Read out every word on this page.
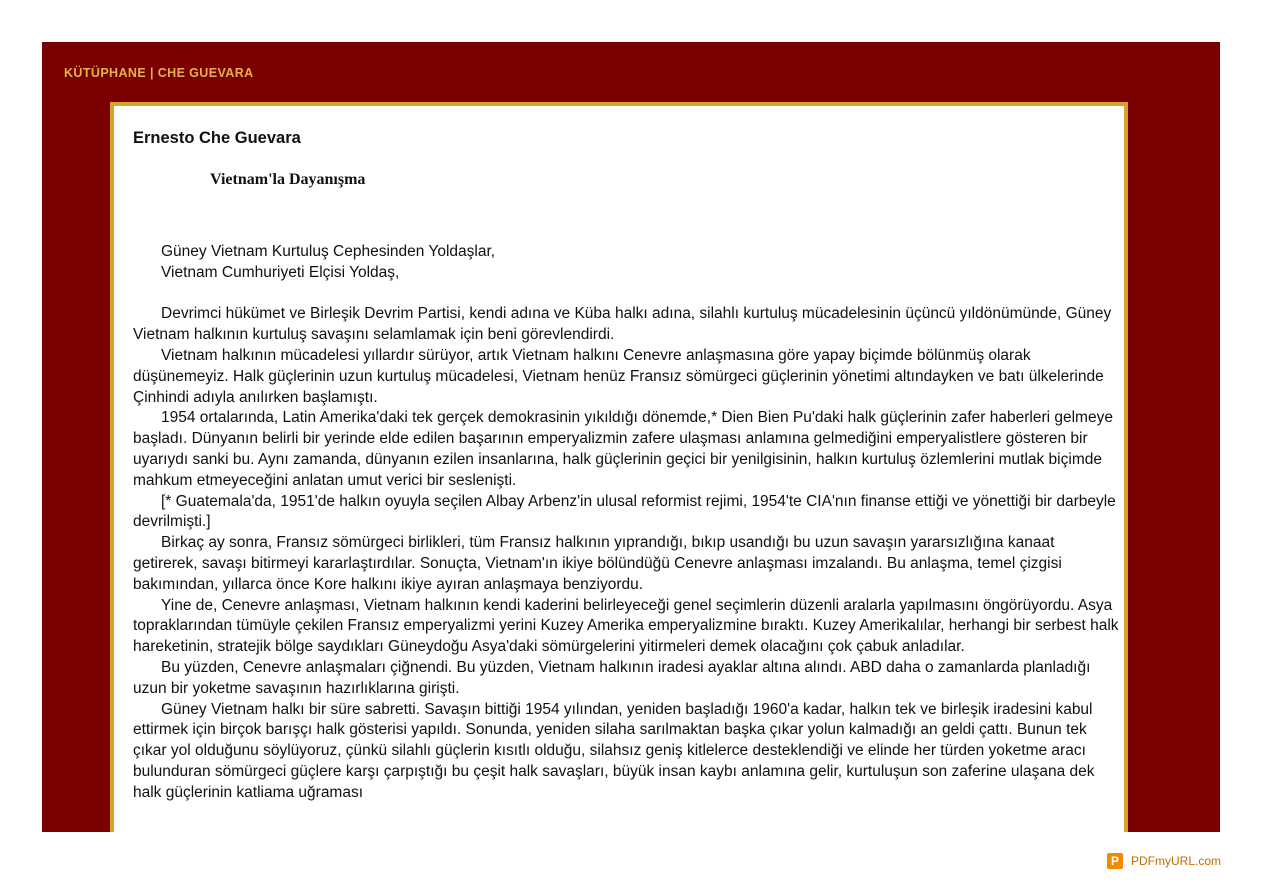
KÜTÜPHANE | CHE GUEVARA
Ernesto Che Guevara
Vietnam'la Dayanışma

Güney Vietnam Kurtuluş Cephesinden Yoldaşlar,

Vietnam Cumhuriyeti Elçisi Yoldaş,

Devrimci hükümet ve Birleşik Devrim Partisi, kendi adına ve Küba halkı adına, silahlı kurtuluş mücadelesinin üçüncü yıldönümünde, Güney Vietnam halkının kurtuluş savaşını selamlamak için beni görevlendirdi.

Vietnam halkının mücadelesi yıllardır sürüyor, artık Vietnam halkını Cenevre anlaşmasına göre yapay biçimde bölünmüş olarak düşünemeyiz. Halk güçlerinin uzun kurtuluş mücadelesi, Vietnam henüz Fransız sömürgeci güçlerinin yönetimi altındayken ve batı ülkelerinde Çinhindi adıyla anılırken başlamıştı.

1954 ortalarında, Latin Amerika'daki tek gerçek demokrasinin yıkıldığı dönemde,* Dien Bien Pu'daki halk güçlerinin zafer haberleri gelmeye başladı. Dünyanın belirli bir yerinde elde edilen başarının emperyalizmin zafere ulaşması anlamına gelmediğini emperyalistlere gösteren bir uyarıydı sanki bu. Aynı zamanda, dünyanın ezilen insanlarına, halk güçlerinin geçici bir yenilgisinin, halkın kurtuluş özlemlerini mutlak biçimde mahkum etmeyeceğini anlatan umut verici bir seslenişti.

[* Guatemala'da, 1951'de halkın oyuyla seçilen Albay Arbenz'in ulusal reformist rejimi, 1954'te CIA'nın finanse ettiği ve yönettiği bir darbeyle devrilmişti.]

Birkaç ay sonra, Fransız sömürgeci birlikleri, tüm Fransız halkının yıprandığı, bıkıp usandığı bu uzun savaşın yararsızlığına kanaat getirerek, savaşı bitirmeyi kararlaştırdılar. Sonuçta, Vietnam'ın ikiye bölündüğü Cenevre anlaşması imzalandı. Bu anlaşma, temel çizgisi bakımından, yıllarca önce Kore halkını ikiye ayıran anlaşmaya benziyordu.

Yine de, Cenevre anlaşması, Vietnam halkının kendi kaderini belirleyeceği genel seçimlerin düzenli aralarla yapılmasını öngörüyordu. Asya topraklarından tümüyle çekilen Fransız emperyalizmi yerini Kuzey Amerika emperyalizmine bıraktı. Kuzey Amerikalılar, herhangi bir serbest halk hareketinin, stratejik bölge saydıkları Güneydoğu Asya'daki sömürgelerini yitirmeleri demek olacağını çok çabuk anladılar.

Bu yüzden, Cenevre anlaşmaları çiğnendi. Bu yüzden, Vietnam halkının iradesi ayaklar altına alındı. ABD daha o zamanlarda planladığı uzun bir yoketme savaşının hazırlıklarına girişti.

Güney Vietnam halkı bir süre sabretti. Savaşın bittiği 1954 yılından, yeniden başladığı 1960'a kadar, halkın tek ve birleşik iradesini kabul ettirmek için birçok barışçı halk gösterisi yapıldı. Sonunda, yeniden silaha sarılmaktan başka çıkar yolun kalmadığı an geldi çattı. Bunun tek çıkar yol olduğunu söylüyoruz, çünkü silahlı güçlerin kısıtlı olduğu, silahsız geniş kitlelerce desteklendiği ve elinde her türden yoketme aracı bulunduran sömürgeci güçlere karşı çarpıştığı bu çeşit halk savaşları, büyük insan kaybı anlamına gelir, kurtuluşun son zaferine ulaşana dek halk güçlerinin katliama uğraması

P	PDFmyURL.com
